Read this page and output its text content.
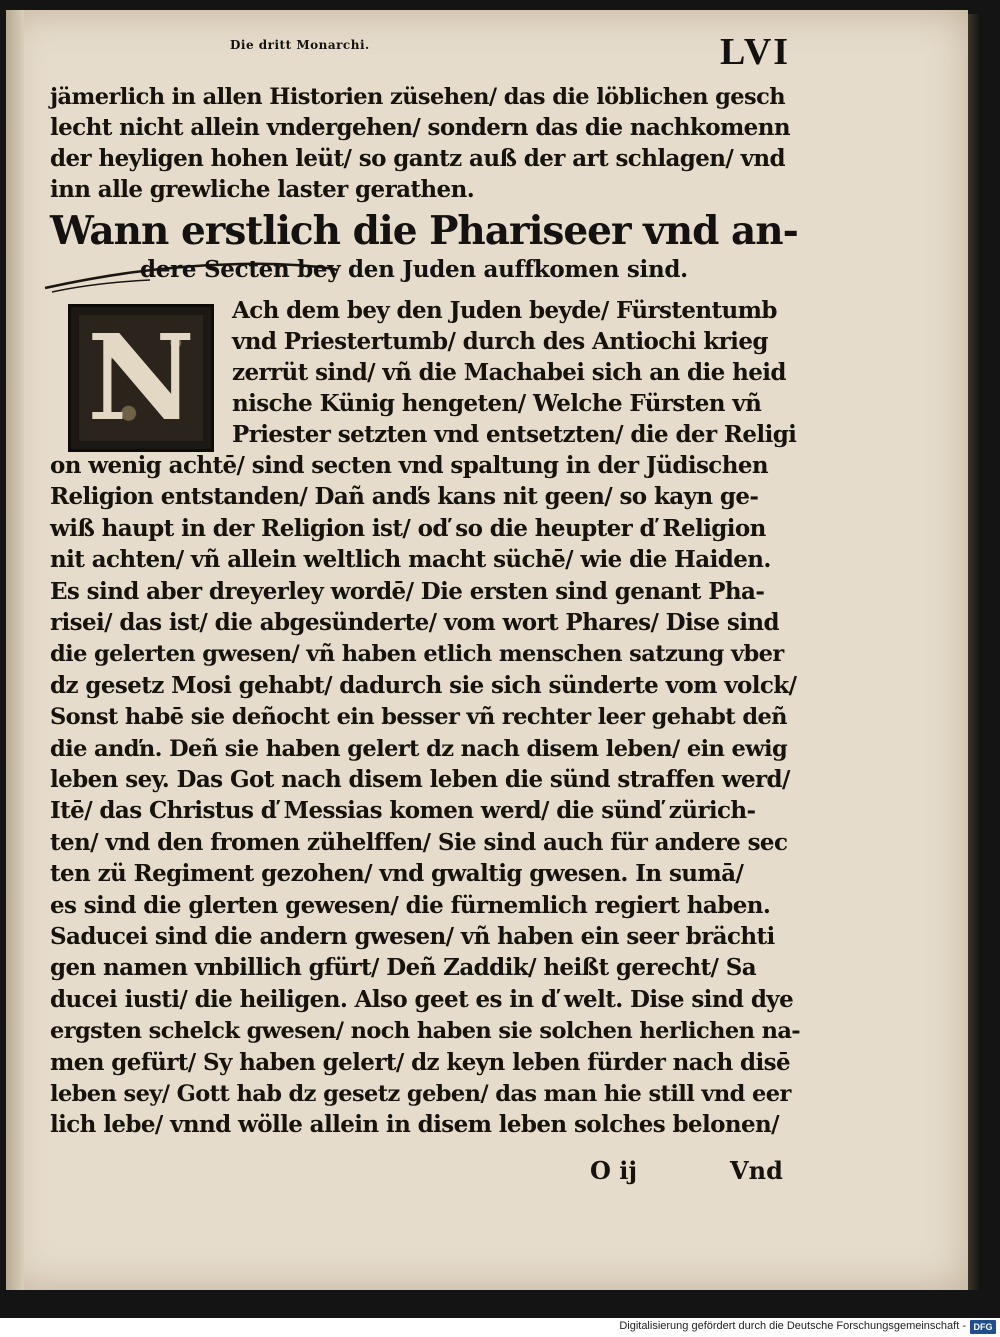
Die dritt Monarchi.	LVI
jämerlich in allen Historien züsehen/ das die löblichen gesch
lecht nicht allein vndergehen/ sondern das die nachkomenn
der heyligen hohen leüt/ so gantz auß der art schlagen/ vnd
inn alle grewliche laster gerathen.
Wann erstlich die Phariseer vnd an-
dere Secten bey den Juden auffkomen sind.
N	Ach dem bey den Juden beyde/ Fürstentumb
vnd Priestertumb/ durch des Antiochi krieg
zerrüt sind/ vñ die Machabei sich an die heid
nische Künig hengeten/ Welche Fürsten vñ
Priester setzten vnd entsetzten/ die der Religi
on wenig achtē/ sind secten vnd spaltung in der Jüdischen
Religion entstanden/ Dañ anďs kans nit geen/ so kayn ge-
wiß haupt in der Religion ist/ oď so die heupter ď Religion
nit achten/ vñ allein weltlich macht süchē/ wie die Haiden.
Es sind aber dreyerley wordē/ Die ersten sind genant Pha-
risei/ das ist/ die abgesünderte/ vom wort Phares/ Dise sind
die gelerten gwesen/ vñ haben etlich menschen satzung vber
dz gesetz Mosi gehabt/ dadurch sie sich sünderte vom volck/
Sonst habē sie deñocht ein besser vñ rechter leer gehabt deñ
die anďn. Deñ sie haben gelert dz nach disem leben/ ein ewig
leben sey. Das Got nach disem leben die sünd straffen werd/
Itē/ das Christus ď Messias komen werd/ die sünď zürich-
ten/ vnd den fromen zühelffen/ Sie sind auch für andere sec
ten zü Regiment gezohen/ vnd gwaltig gwesen. In sumā/
es sind die glerten gewesen/ die fürnemlich regiert haben.
Saducei sind die andern gwesen/ vñ haben ein seer brächti
gen namen vnbillich gfürt/ Deñ Zaddik/ heißt gerecht/ Sa
ducei iusti/ die heiligen. Also geet es in ď welt. Dise sind dye
ergsten schelck gwesen/ noch haben sie solchen herlichen na-
men gefürt/ Sy haben gelert/ dz keyn leben fürder nach disē
leben sey/ Gott hab dz gesetz geben/ das man hie still vnd eer
lich lebe/ vnnd wölle allein in disem leben solches belonen/
O ij	Vnd
Digitalisierung gefördert durch die Deutsche Forschungsgemeinschaft - DFG
